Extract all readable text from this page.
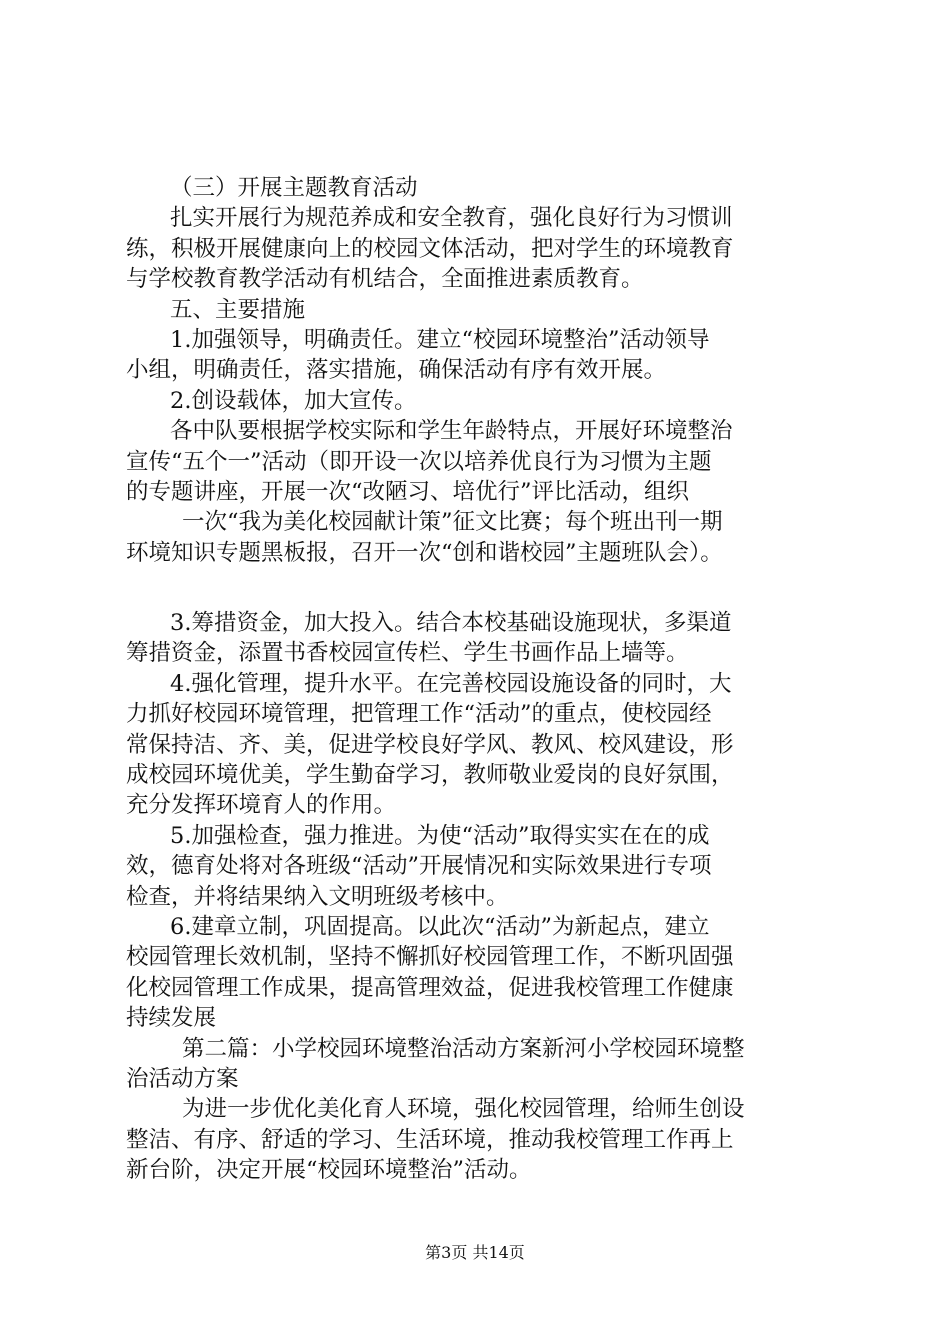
（三）开展主题教育活动
扎实开展行为规范养成和安全教育，强化良好行为习惯训
练，积极开展健康向上的校园文体活动，把对学生的环境教育
与学校教育教学活动有机结合，全面推进素质教育。
五、主要措施
1.加强领导，明确责任。建立“校园环境整治”活动领导
小组，明确责任，落实措施，确保活动有序有效开展。
2.创设载体，加大宣传。
各中队要根据学校实际和学生年龄特点，开展好环境整治
宣传“五个一”活动（即开设一次以培养优良行为习惯为主题
的专题讲座，开展一次“改陋习、培优行”评比活动，组织
一次“我为美化校园献计策”征文比赛；每个班出刊一期
环境知识专题黑板报，召开一次“创和谐校园”主题班队会）。
3.筹措资金，加大投入。结合本校基础设施现状，多渠道
筹措资金，添置书香校园宣传栏、学生书画作品上墙等。
4.强化管理，提升水平。在完善校园设施设备的同时，大
力抓好校园环境管理，把管理工作“活动”的重点，使校园经
常保持洁、齐、美，促进学校良好学风、教风、校风建设，形
成校园环境优美，学生勤奋学习，教师敬业爱岗的良好氛围，
充分发挥环境育人的作用。
5.加强检查，强力推进。为使“活动”取得实实在在的成
效，德育处将对各班级“活动”开展情况和实际效果进行专项
检查，并将结果纳入文明班级考核中。
6.建章立制，巩固提高。以此次“活动”为新起点，建立
校园管理长效机制，坚持不懈抓好校园管理工作，不断巩固强
化校园管理工作成果，提高管理效益，促进我校管理工作健康
持续发展
第二篇：小学校园环境整治活动方案新河小学校园环境整
治活动方案
为进一步优化美化育人环境，强化校园管理，给师生创设
整洁、有序、舒适的学习、生活环境，推动我校管理工作再上
新台阶，决定开展“校园环境整治”活动。
第3页 共14页
